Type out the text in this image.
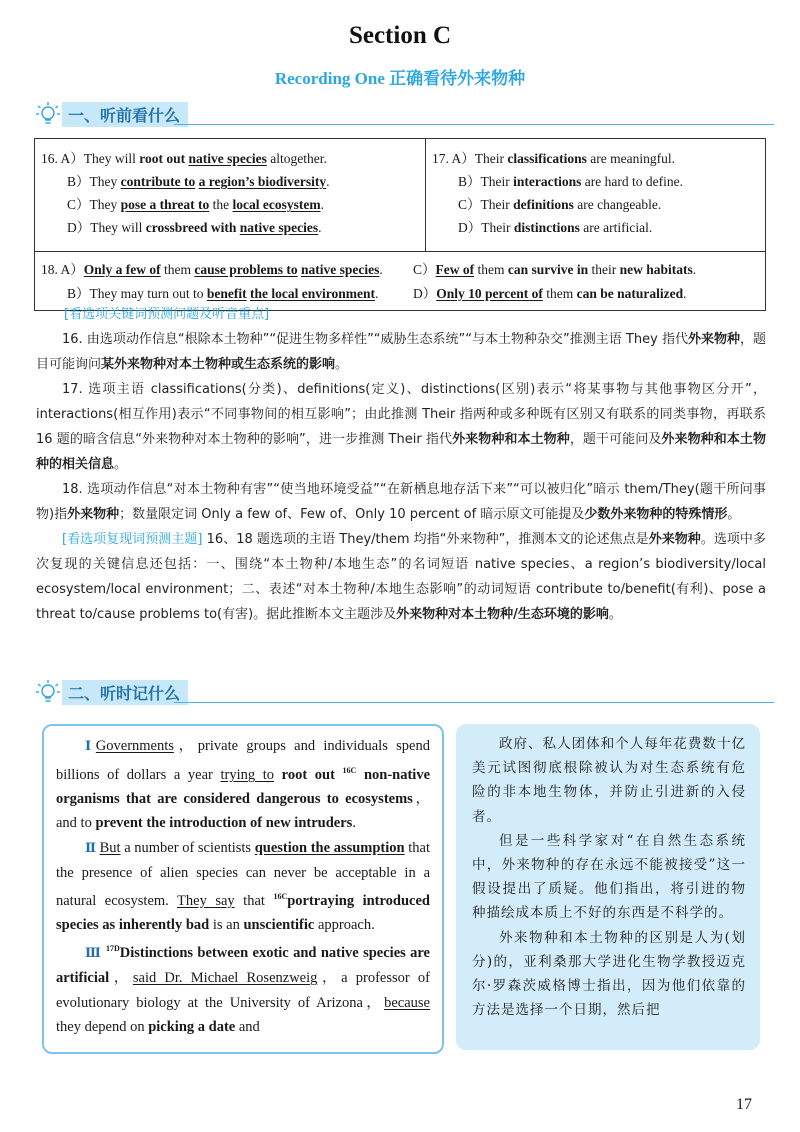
Section C
Recording One 正确看待外来物种
一、听前看什么
16. A）They will root out native species altogether.
B）They contribute to a region’s biodiversity.
C）They pose a threat to the local ecosystem.
D）They will crossbreed with native species.

17. A）Their classifications are meaningful.
B）Their interactions are hard to define.
C）Their definitions are changeable.
D）Their distinctions are artificial.

18. A）Only a few of them cause problems to native species.
B）They may turn out to benefit the local environment.
C）Few of them can survive in their new habitats.
D）Only 10 percent of them can be naturalized.
[看选项关键词预测问题及听音重点]

16. 由选项动作信息“根除本土物种”“促进生物多样性”“威胁生态系统”“与本土物种杂交”推测主语 They 指代外来物种，题目可能询问某外来物种对本土物种或生态系统的影响。

17. 选项主语 classifications(分类)、definitions(定义)、distinctions(区别)表示“将某事物与其他事物区分开”，interactions(相互作用)表示“不同事物间的相互影响”；由此推测 Their 指两种或多种既有区别又有联系的同类事物，再联系 16 题的暗含信息“外来物种对本土物种的影响”，进一步推测 Their 指代外来物种和本土物种，题干可能问及外来物种和本土物种的相关信息。

18. 选项动作信息“对本土物种有害”“使当地环境受益”“在新栖息地存活下来”“可以被归化”暗示 them/They(题干所问事物)指外来物种；数量限定词 Only a few of、Few of、Only 10 percent of 暗示原文可能提及少数外来物种的特殊情形。

[看选项复现词预测主题] 16、18 题选项的主语 They/them 均指“外来物种”，推测本文的论述焦点是外来物种。选项中多次复现的关键信息还包括：一、围绕“本土物种/本地生态”的名词短语 native species、a region’s biodiversity/local ecosystem/local environment；二、表述“对本土物种/本地生态影响”的动词短语 contribute to/benefit(有利)、pose a threat to/cause problems to(有害)。据此推断本文主题涉及外来物种对本土物种/生态环境的影响。

二、听时记什么

ⅠGovernments，private groups and individuals spend billions of dollars a year trying to root out $^{16C}$ non-native organisms that are considered dangerous to ecosystems，and to prevent the introduction of new intruders.

Ⅱ But a number of scientists question the assumption that the presence of alien species can never be acceptable in a natural ecosystem. They say that $^{16C}$portraying introduced species as inherently bad is an unscientific approach.

Ⅲ $^{17D}$Distinctions between exotic and native species are artificial，said Dr. Michael Rosenzweig，a professor of evolutionary biology at the University of Arizona，because they depend on picking a date and

政府、私人团体和个人每年花费数十亿美元试图彻底根除被认为对生态系统有危险的非本地生物体，并防止引进新的入侵者。

但是一些科学家对“在自然生态系统中，外来物种的存在永远不能被接受”这一假设提出了质疑。他们指出，将引进的物种描绘成本质上不好的东西是不科学的。

外来物种和本土物种的区别是人为(划分)的，亚利桑那大学进化生物学教授迈克尔·罗森茨威格博士指出，因为他们依靠的方法是选择一个日期，然后把

17
